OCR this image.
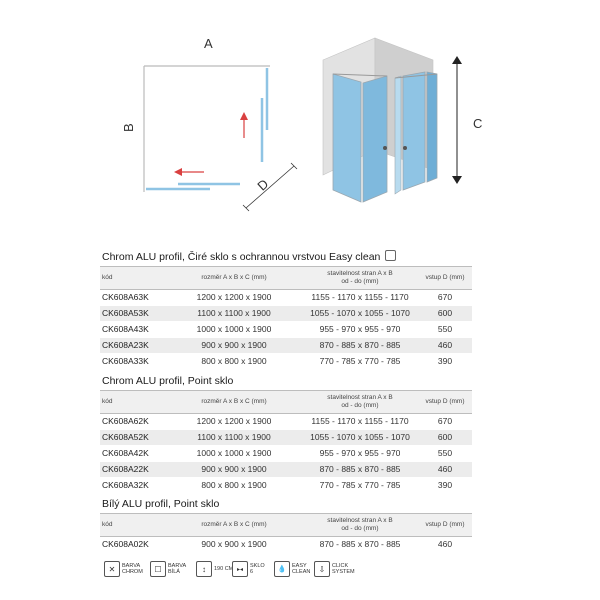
A
B
D
C
Chrom ALU profil, Čiré sklo s ochrannou vrstvou Easy clean
kód	rozměr A x B x C (mm)
stavitelnost stran A x B
od - do (mm)
vstup D (mm)
CK608A63K	1200 x 1200 x 1900	1155 - 1170 x 1155 - 1170	670
CK608A53K	1100 x 1100 x 1900	1055 - 1070 x 1055 - 1070	600
CK608A43K	1000 x 1000 x 1900	955 - 970 x 955 - 970	550
CK608A23K	900 x 900 x 1900	870 - 885 x 870 - 885	460
CK608A33K	800 x 800 x 1900	770 - 785 x 770 - 785	390
Chrom ALU profil, Point sklo
kód	rozměr A x B x C (mm)
stavitelnost stran A x B
od - do (mm)
vstup D (mm)
CK608A62K	1200 x 1200 x 1900	1155 - 1170 x 1155 - 1170	670
CK608A52K	1100 x 1100 x 1900	1055 - 1070 x 1055 - 1070	600
CK608A42K	1000 x 1000 x 1900	955 - 970 x 955 - 970	550
CK608A22K	900 x 900 x 1900	870 - 885 x 870 - 885	460
CK608A32K	800 x 800 x 1900	770 - 785 x 770 - 785	390
Bílý ALU profil, Point sklo
kód	rozměr A x B x C (mm)
stavitelnost stran A x B
od - do (mm)
vstup D (mm)
CK608A02K	900 x 900 x 1900	870 - 885 x 870 - 885	460
✕	BARVA
CHROM	☐	BARVA
BÍLÁ	↕	190 CM ▸◂
SKLO
6	💧	EASY
CLEAN	⇩	CLICK
SYSTEM
